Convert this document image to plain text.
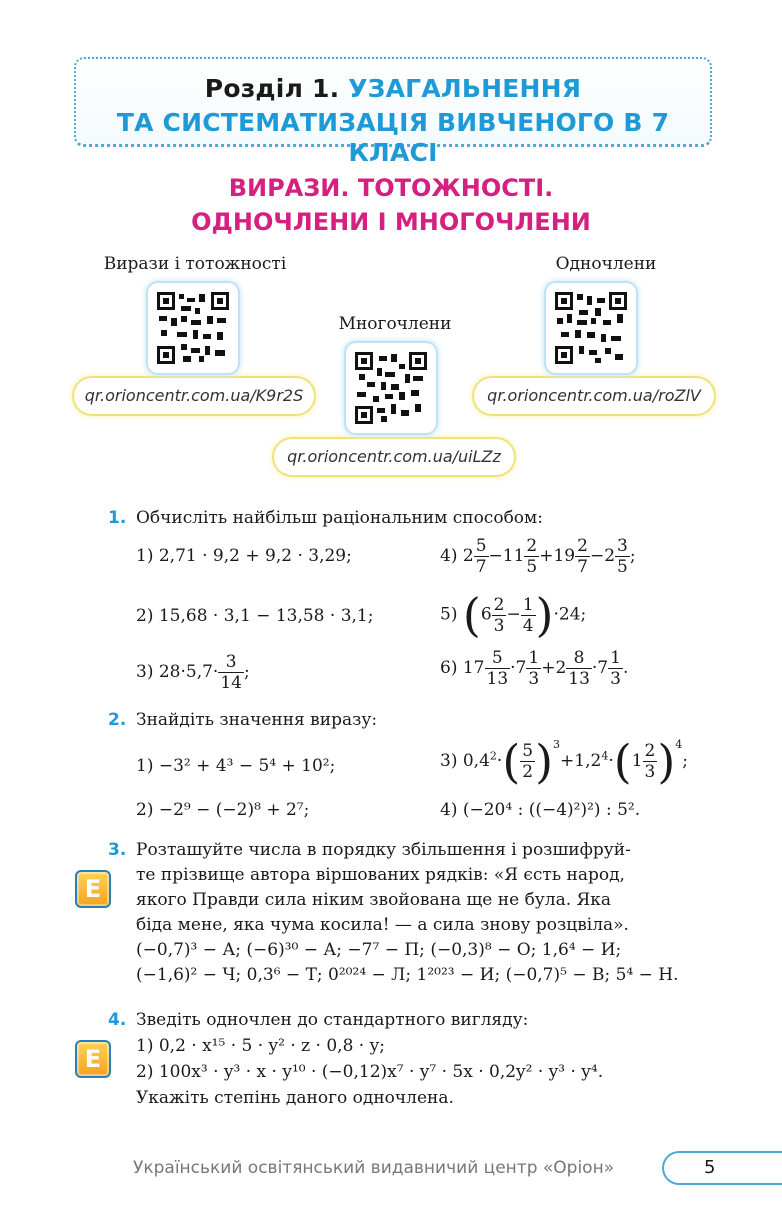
Розділ 1. УЗАГАЛЬНЕННЯ
ТА СИСТЕМАТИЗАЦІЯ ВИВЧЕНОГО В 7 КЛАСІ
ВИРАЗИ. ТОТОЖНОСТІ.
ОДНОЧЛЕНИ І МНОГОЧЛЕНИ
Вирази і тотожності
qr.orioncentr.com.ua/K9r2S
Многочлени
qr.orioncentr.com.ua/uiLZz
Одночлени
qr.orioncentr.com.ua/roZlV
1. Обчисліть найбільш раціональним способом:
1) 2,71 · 9,2 + 9,2 · 3,29;
2) 15,68 · 3,1 − 13,58 · 3,1;
3) $28\cdot 5,7\cdot \frac{3}{14}$ ;
4) $2 \frac{5}{7} -11 \frac{2}{5} +19 \frac{2}{7} -2 \frac{3}{5}$ ;
5) $(6 \frac{2}{3} - \frac{1}{4} )\cdot 24$;
6) $17 \frac{5}{13} \cdot 7 \frac{1}{3} +2 \frac{8}{13} \cdot 7 \frac{1}{3}$ .
2. Знайдіть значення виразу:
1) −3² + 4³ − 5⁴ + 10²;
2) −2⁹ − (−2)⁸ + 2⁷;
3) $0,4^2\cdot( \frac{5}{2} )^3+1,2^4\cdot(1 \frac{2}{3} )^4$;
4) (−20⁴ : ((−4)²)²) : 5².
3.
E
Розташуйте числа в порядку збільшення і розшифруй-
те прізвище автора віршованих рядків: «Я єсть народ,
якого Правди сила ніким звойована ще не була. Яка
біда мене, яка чума косила! — а сила знову розцвіла».
(−0,7)³ − А; (−6)³⁰ − А; −7⁷ − П; (−0,3)⁸ − О; 1,6⁴ − И;
(−1,6)² − Ч; 0,3⁶ − Т; 0²⁰²⁴ − Л; 1²⁰²³ − И; (−0,7)⁵ − В; 5⁴ − Н.
4.
E
Зведіть одночлен до стандартного вигляду:
1) 0,2 · x¹⁵ · 5 · y² · z · 0,8 · y;
2) 100x³ · y³ · x · y¹⁰ · (−0,12)x⁷ · y⁷ · 5x · 0,2y² · y³ · y⁴.
Укажіть степінь даного одночлена.
Український освітянський видавничий центр «Оріон»	5
